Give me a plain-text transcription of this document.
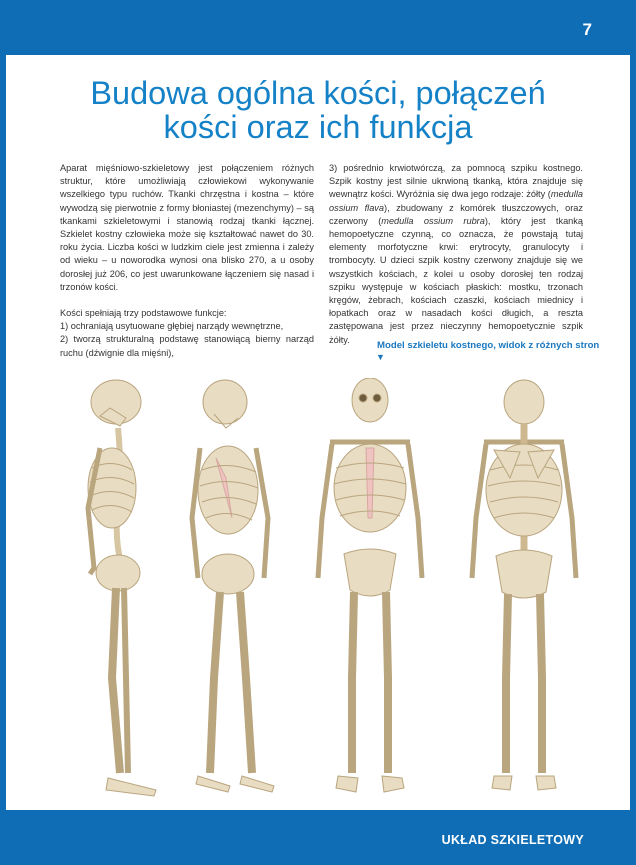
7
UKŁAD SZKIELETOWY
Budowa ogólna kości, połączeń
kości oraz ich funkcja

Aparat mięśniowo-szkieletowy jest połączeniem różnych struktur, które umożliwiają człowiekowi wykonywanie wszelkiego typu ruchów. Tkanki chrzęstna i kostna – które wywodzą się pierwotnie z formy błoniastej (mezenchymy) – są tkankami szkieletowymi i stanowią rodzaj tkanki łącznej. Szkielet kostny człowieka może się kształtować nawet do 30. roku życia. Liczba kości w ludzkim ciele jest zmienna i zależy od wieku – u noworodka wynosi ona blisko 270, a u osoby dorosłej już 206, co jest uwarunkowane łączeniem się nasad i trzonów kości.

Kości spełniają trzy podstawowe funkcje:

1) ochraniają usytuowane głębiej narządy wewnętrzne,

2) tworzą strukturalną podstawę stanowiącą bierny narząd ruchu (dźwignie dla mięśni),

3) pośrednio krwiotwórczą, za pomnocą szpiku kostnego. Szpik kostny jest silnie ukrwioną tkanką, która znajduje się wewnątrz kości. Wyróżnia się dwa jego rodzaje: żółty (medulla ossium flava), zbudowany z komórek tłuszczowych, oraz czerwony (medulla ossium rubra), który jest tkanką hemopoetyczne czynną, co oznacza, że powstają tutaj elementy morfotyczne krwi: erytrocyty, granulocyty i trombocyty. U dzieci szpik kostny czerwony znajduje się we wszystkich kościach, z kolei u osoby dorosłej ten rodzaj szpiku występuje w kościach płaskich: mostku, trzonach kręgów, żebrach, kościach czaszki, kościach miednicy i łopatkach oraz w nasadach kości długich, a reszta zastępowana jest przez nieczynny hemopoetycznie szpik żółty.

Model szkieletu kostnego, widok z różnych stron
▼
